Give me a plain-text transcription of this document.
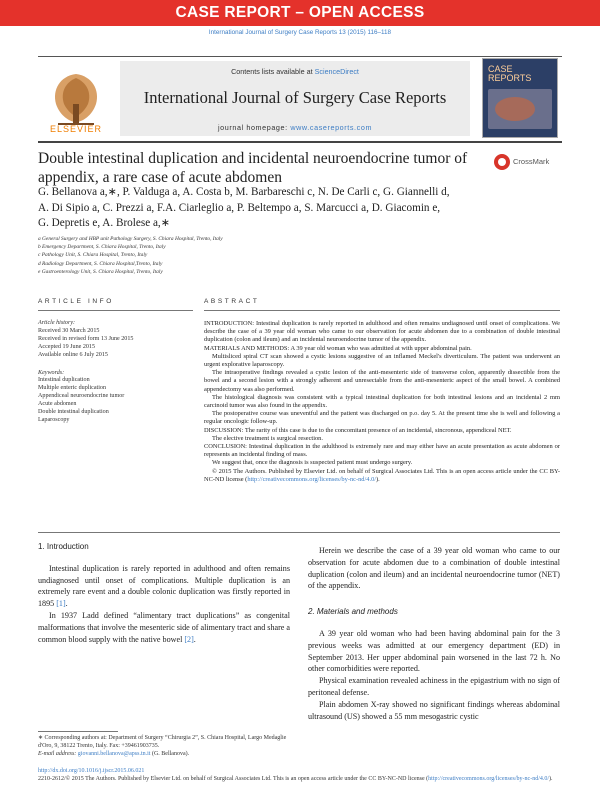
CASE REPORT – OPEN ACCESS
International Journal of Surgery Case Reports 13 (2015) 116–118
ELSEVIER
Contents lists available at ScienceDirect
International Journal of Surgery Case Reports
journal homepage: www.casereports.com
CASE REPORTS
Double intestinal duplication and incidental neuroendocrine tumor of appendix, a rare case of acute abdomen
CrossMark
G. Bellanova a,∗, P. Valduga a, A. Costa b, M. Barbareschi c, N. De Carli c, G. Giannelli d,
A. Di Sipio a, C. Prezzi a, F.A. Ciarleglio a, P. Beltempo a, S. Marcucci a, D. Giacomin e,
G. Depretis e, A. Brolese a,∗
a General Surgery and HBP unit Pathology Surgery, S. Chiara Hospital, Trento, Italy
b Emergency Department, S. Chiara Hospital, Trento, Italy
c Pathology Unit, S. Chiara Hospital, Trento, Italy
d Radiology Department, S. Chiara Hospital,Trento, Italy
e Gastroenterology Unit, S. Chiara Hospital, Trento, Italy
ARTICLE INFO	ABSTRACT
Article history:
Received 30 March 2015
Received in revised form 13 June 2015
Accepted 19 June 2015
Available online 6 July 2015
Keywords:
Intestinal duplication
Multiple enteric duplication
Appendiceal neuroendocrine tumor
Acute abdomen
Double intestinal duplication
Laparoscopy

INTRODUCTION: Intestinal duplication is rarely reported in adulthood and often remains undiagnosed until onset of complications. We describe the case of a 39 year old woman who came to our observation for acute abdomen due to a combination of double intestinal duplication (colon and ileum) and an incidental neuroendocrine tumor of the appendix.

MATERIALS AND METHODS: A 39 year old woman who was admitted at with upper abdominal pain.

Multisliced spiral CT scan showed a cystic lesions suggestive of an inflamed Meckel's diverticulum. The patient was underwent an urgent explorative laparoscopy.

The intraoperative findings revealed a cystic lesion of the anti-mesenteric side of transverse colon, apparently dissectible from the bowel and a second lesion with a strongly adherent and unresectable from the anti-mesenteric aspect of the small bowel. A combined appendectomy was also performed.

The histological diagnosis was consistent with a typical intestinal duplication for both intestinal lesions and an incidental 2 mm carcinoid tumor was also found in the appendix.

The postoperative course was uneventful and the patient was discharged on p.o. day 5. At the present time she is well and following a regular oncologic follow-up.

DISCUSSION: The rarity of this case is due to the concomitant presence of an incidental, sincronous, appendiceal NET.

The elective treatment is surgical resection.

CONCLUSION: Intestinal duplication in the adulthood is extremely rare and may either have an acute presentation as acute abdomen or represents an incidental finding of mass.

We suggest that, once the diagnosis is suspected patient must undergo surgery.

© 2015 The Authors. Published by Elsevier Ltd. on behalf of Surgical Associates Ltd. This is an open access article under the CC BY-NC-ND license (http://creativecommons.org/licenses/by-nc-nd/4.0/).

1. Introduction

Intestinal duplication is rarely reported in adulthood and often remains undiagnosed until onset of complications. Multiple duplication is an extremely rare event and a double colonic duplication was firstly reported in 1895 [1].

In 1937 Ladd defined “alimentary tract duplications” as congenital malformations that involve the mesenteric side of alimentary tract and share a common blood supply with the native bowel [2].

Herein we describe the case of a 39 year old woman who came to our observation for acute abdomen due to a combination of double intestinal duplication (colon and ileum) and an incidental neuroendocrine tumor (NET) of the appendix.

2. Materials and methods

A 39 year old woman who had been having abdominal pain for the 3 previous weeks was admitted at our emergency department (ED) in September 2013. Her upper abdominal pain worsened in the last 72 h. No other comorbidities were reported.

Physical examination revealed achiness in the epigastrium with no sign of peritoneal defense.

Plain abdomen X-ray showed no significant findings whereas abdominal ultrasound (US) showed a 55 mm mesogastric cystic

∗ Corresponding authors at: Department of Surgery “Chirurgia 2”, S. Chiara Hospital, Largo Medaglie d'Oro, 9, 38122 Trento, Italy. Fax: +39461903735.
E-mail address: giovanni.bellanova@apss.tn.it (G. Bellanova).
http://dx.doi.org/10.1016/j.ijscr.2015.06.021
2210-2612/© 2015 The Authors. Published by Elsevier Ltd. on behalf of Surgical Associates Ltd. This is an open access article under the CC BY-NC-ND license (http://creativecommons.org/licenses/by-nc-nd/4.0/).
